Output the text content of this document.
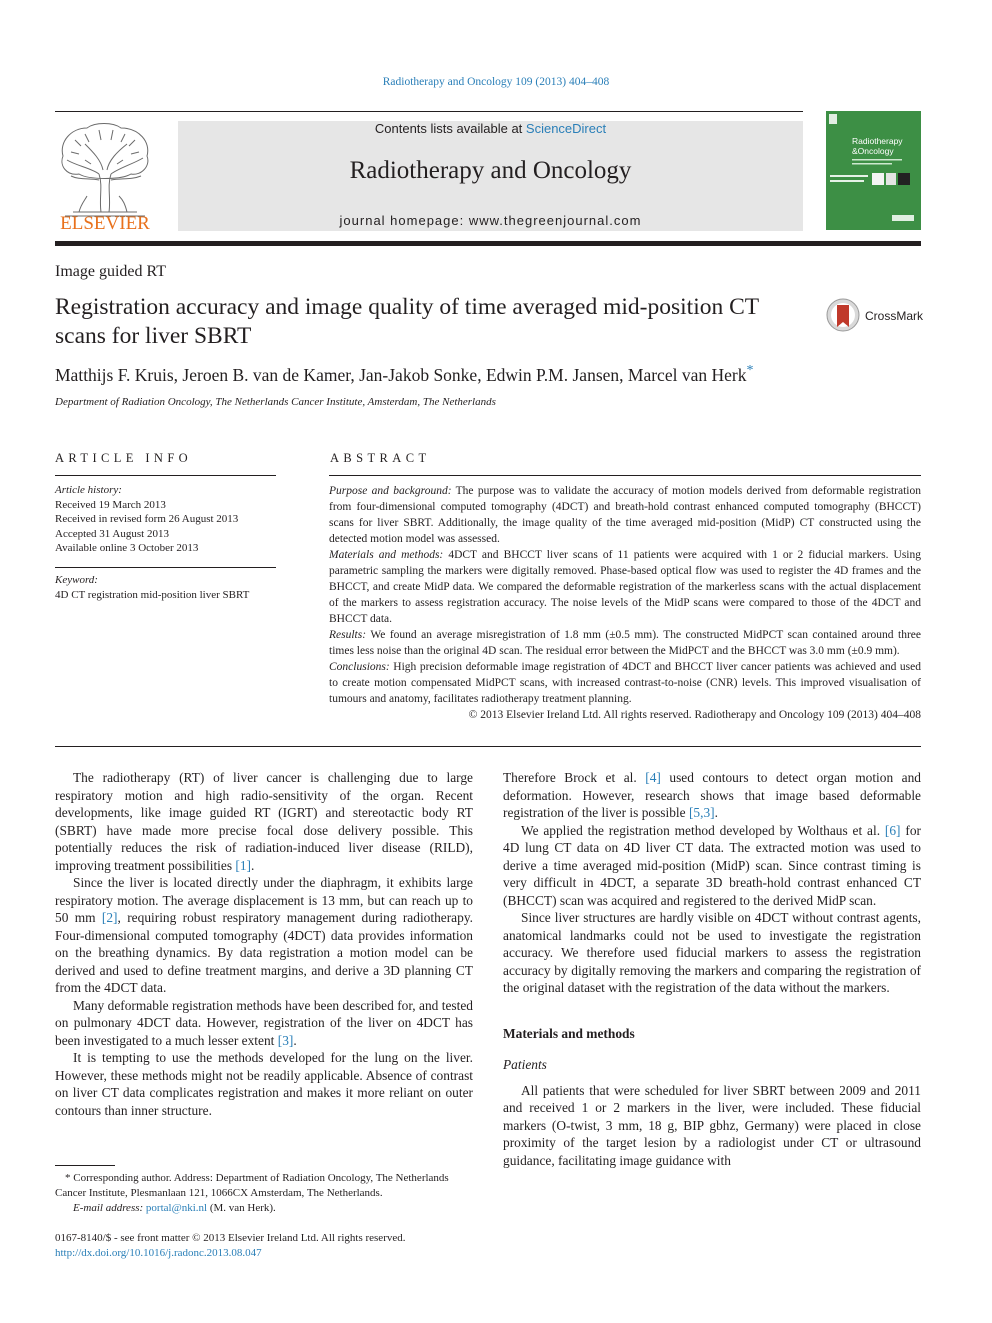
Radiotherapy and Oncology 109 (2013) 404–408
ELSEVIER
Contents lists available at ScienceDirect
Radiotherapy and Oncology
journal homepage: www.thegreenjournal.com
Radiotherapy
&Oncology
Image guided RT
Registration accuracy and image quality of time averaged mid-position CT scans for liver SBRT
CrossMark
Matthijs F. Kruis, Jeroen B. van de Kamer, Jan-Jakob Sonke, Edwin P.M. Jansen, Marcel van Herk*
Department of Radiation Oncology, The Netherlands Cancer Institute, Amsterdam, The Netherlands
ARTICLE INFO	ABSTRACT
Article history:
Received 19 March 2013
Received in revised form 26 August 2013
Accepted 31 August 2013
Available online 3 October 2013
Keyword:
4D CT registration mid-position liver SBRT

Purpose and background: The purpose was to validate the accuracy of motion models derived from deformable registration from four-dimensional computed tomography (4DCT) and breath-hold contrast enhanced computed tomography (BHCCT) scans for liver SBRT. Additionally, the image quality of the time averaged mid-position (MidP) CT constructed using the detected motion model was assessed.

Materials and methods: 4DCT and BHCCT liver scans of 11 patients were acquired with 1 or 2 fiducial markers. Using parametric sampling the markers were digitally removed. Phase-based optical flow was used to register the 4D frames and the BHCCT, and create MidP data. We compared the deformable registration of the markerless scans with the actual displacement of the markers to assess registration accuracy. The noise levels of the MidP scans were compared to those of the 4DCT and BHCCT data.

Results: We found an average misregistration of 1.8 mm (±0.5 mm). The constructed MidPCT scan contained around three times less noise than the original 4D scan. The residual error between the MidPCT and the BHCCT was 3.0 mm (±0.9 mm).

Conclusions: High precision deformable image registration of 4DCT and BHCCT liver cancer patients was achieved and used to create motion compensated MidPCT scans, with increased contrast-to-noise (CNR) levels. This improved visualisation of tumours and anatomy, facilitates radiotherapy treatment planning.

© 2013 Elsevier Ireland Ltd. All rights reserved. Radiotherapy and Oncology 109 (2013) 404–408

The radiotherapy (RT) of liver cancer is challenging due to large respiratory motion and high radio-sensitivity of the organ. Recent developments, like image guided RT (IGRT) and stereotactic body RT (SBRT) have made more precise focal dose delivery possible. This potentially reduces the risk of radiation-induced liver disease (RILD), improving treatment possibilities [1].

Since the liver is located directly under the diaphragm, it exhibits large respiratory motion. The average displacement is 13 mm, but can reach up to 50 mm [2], requiring robust respiratory management during radiotherapy. Four-dimensional computed tomography (4DCT) data provides information on the breathing dynamics. By data registration a motion model can be derived and used to define treatment margins, and derive a 3D planning CT from the 4DCT data.

Many deformable registration methods have been described for, and tested on pulmonary 4DCT data. However, registration of the liver on 4DCT has been investigated to a much lesser extent [3].

It is tempting to use the methods developed for the lung on the liver. However, these methods might not be readily applicable. Absence of contrast on liver CT data complicates registration and makes it more reliant on outer contours than inner structure.

Therefore Brock et al. [4] used contours to detect organ motion and deformation. However, research shows that image based deformable registration of the liver is possible [5,3].

We applied the registration method developed by Wolthaus et al. [6] for 4D lung CT data on 4D liver CT data. The extracted motion was used to derive a time averaged mid-position (MidP) scan. Since contrast timing is very difficult in 4DCT, a separate 3D breath-hold contrast enhanced CT (BHCCT) scan was acquired and registered to the derived MidP scan.

Since liver structures are hardly visible on 4DCT without contrast agents, anatomical landmarks could not be used to investigate the registration accuracy. We therefore used fiducial markers to assess the registration accuracy by digitally removing the markers and comparing the registration of the original dataset with the registration of the data without the markers.

Materials and methods

Patients

All patients that were scheduled for liver SBRT between 2009 and 2011 and received 1 or 2 markers in the liver, were included. These fiducial markers (O-twist, 3 mm, 18 g, BIP gbhz, Germany) were placed in close proximity of the target lesion by a radiologist under CT or ultrasound guidance, facilitating image guidance with

* Corresponding author. Address: Department of Radiation Oncology, The Netherlands Cancer Institute, Plesmanlaan 121, 1066CX Amsterdam, The Netherlands.

E-mail address: portal@nki.nl (M. van Herk).

0167-8140/$ - see front matter © 2013 Elsevier Ireland Ltd. All rights reserved.
http://dx.doi.org/10.1016/j.radonc.2013.08.047
